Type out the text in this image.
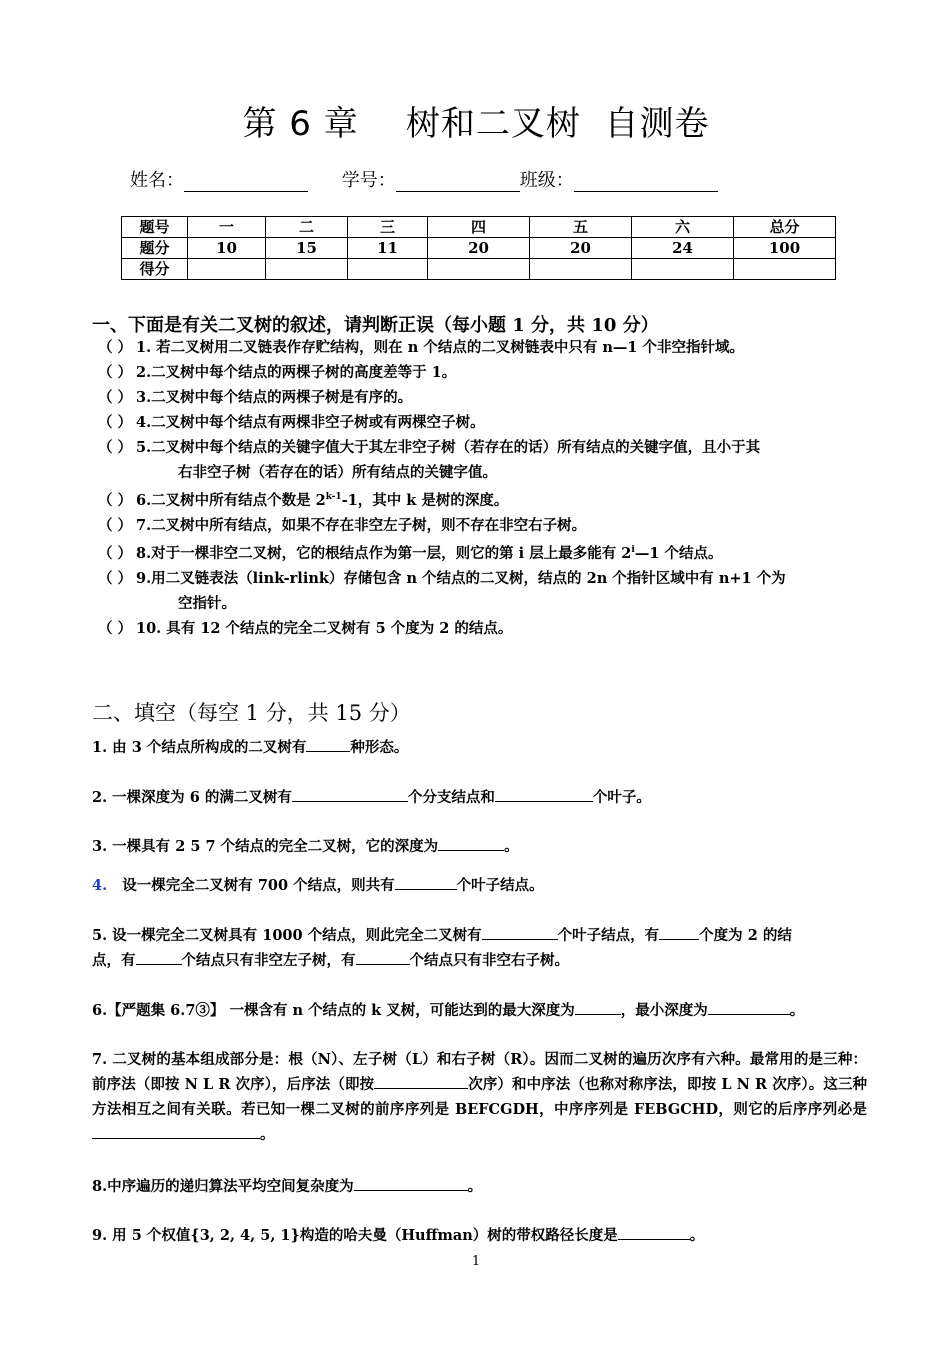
第 6 章    树和二叉树  自测卷
姓名：	学号：	班级：
题号	一	二	三	四	五	六	总分
题分	10	15	11	20	20	24	100
得分							
一、下面是有关二叉树的叙述，请判断正误（每小题 1 分，共 10 分）
（ ） 1. 若二叉树用二叉链表作存贮结构，则在 n 个结点的二叉树链表中只有 n—1 个非空指针域。
（ ） 2.二叉树中每个结点的两棵子树的高度差等于 1。
（ ） 3.二叉树中每个结点的两棵子树是有序的。
（ ） 4.二叉树中每个结点有两棵非空子树或有两棵空子树。
（ ） 5.二叉树中每个结点的关键字值大于其左非空子树（若存在的话）所有结点的关键字值，且小于其
右非空子树（若存在的话）所有结点的关键字值。
（ ） 6.二叉树中所有结点个数是 2$^{k-1}$-1，其中 k 是树的深度。
（ ） 7.二叉树中所有结点，如果不存在非空左子树，则不存在非空右子树。
（ ） 8.对于一棵非空二叉树，它的根结点作为第一层，则它的第 i 层上最多能有 2$^i$—1 个结点。
（ ） 9.用二叉链表法（link-rlink）存储包含 n 个结点的二叉树，结点的 2n 个指针区域中有 n+1 个为
空指针。
（ ） 10. 具有 12 个结点的完全二叉树有 5 个度为 2 的结点。
二、填空（每空 1 分，共 15 分）
1. 由 3 个结点所构成的二叉树有	种形态。
2. 一棵深度为 6 的满二叉树有	个分支结点和	个叶子。
3. 一棵具有 2 5 7 个结点的完全二叉树，它的深度为	。
4. 设一棵完全二叉树有 700 个结点，则共有	个叶子结点。
5. 设一棵完全二叉树具有 1000 个结点，则此完全二叉树有	个叶子结点，有	个度为 2 的结
点，有	个结点只有非空左子树，有	个结点只有非空右子树。
6.【严题集 6.7③】 一棵含有 n 个结点的 k 叉树，可能达到的最大深度为	，最小深度为	。
7. 二叉树的基本组成部分是：根（N）、左子树（L）和右子树（R）。因而二叉树的遍历次序有六种。最常用的是三种：前序法（即按 N L R 次序），后序法（即按	次序）和中序法（也称对称序法，即按 L N R 次序）。这三种方法相互之间有关联。若已知一棵二叉树的前序序列是 BEFCGDH，中序序列是 FEBGCHD，则它的后序序列必是。
8.中序遍历的递归算法平均空间复杂度为	。
9. 用 5 个权值{3, 2, 4, 5, 1}构造的哈夫曼（Huffman）树的带权路径长度是	。
1
